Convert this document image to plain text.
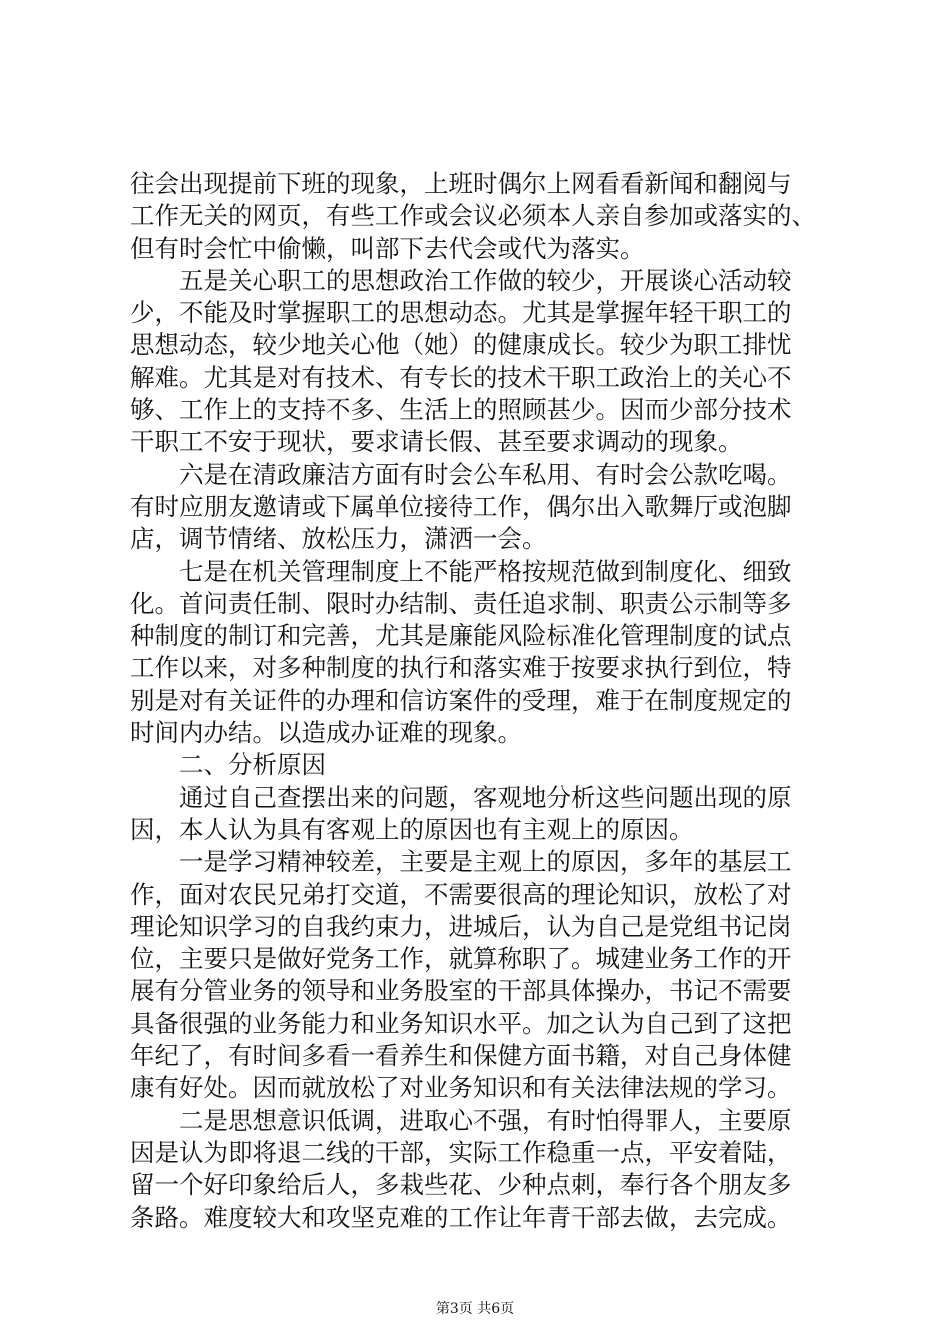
往会出现提前下班的现象，上班时偶尔上网看看新闻和翻阅与
工作无关的网页，有些工作或会议必须本人亲自参加或落实的、
但有时会忙中偷懒，叫部下去代会或代为落实。
　　五是关心职工的思想政治工作做的较少，开展谈心活动较
少，不能及时掌握职工的思想动态。尤其是掌握年轻干职工的
思想动态，较少地关心他（她）的健康成长。较少为职工排忧
解难。尤其是对有技术、有专长的技术干职工政治上的关心不
够、工作上的支持不多、生活上的照顾甚少。因而少部分技术
干职工不安于现状，要求请长假、甚至要求调动的现象。
　　六是在清政廉洁方面有时会公车私用、有时会公款吃喝。
有时应朋友邀请或下属单位接待工作，偶尔出入歌舞厅或泡脚
店，调节情绪、放松压力，潇洒一会。
　　七是在机关管理制度上不能严格按规范做到制度化、细致
化。首问责任制、限时办结制、责任追求制、职责公示制等多
种制度的制订和完善，尤其是廉能风险标准化管理制度的试点
工作以来，对多种制度的执行和落实难于按要求执行到位，特
别是对有关证件的办理和信访案件的受理，难于在制度规定的
时间内办结。以造成办证难的现象。
　　二、分析原因
　　通过自己查摆出来的问题，客观地分析这些问题出现的原
因，本人认为具有客观上的原因也有主观上的原因。
　　一是学习精神较差，主要是主观上的原因，多年的基层工
作，面对农民兄弟打交道，不需要很高的理论知识，放松了对
理论知识学习的自我约束力，进城后，认为自己是党组书记岗
位，主要只是做好党务工作，就算称职了。城建业务工作的开
展有分管业务的领导和业务股室的干部具体操办，书记不需要
具备很强的业务能力和业务知识水平。加之认为自己到了这把
年纪了，有时间多看一看养生和保健方面书籍，对自己身体健
康有好处。因而就放松了对业务知识和有关法律法规的学习。
　　二是思想意识低调，进取心不强，有时怕得罪人，主要原
因是认为即将退二线的干部，实际工作稳重一点，平安着陆，
留一个好印象给后人，多栽些花、少种点刺，奉行各个朋友多
条路。难度较大和攻坚克难的工作让年青干部去做，去完成。
第3页 共6页
